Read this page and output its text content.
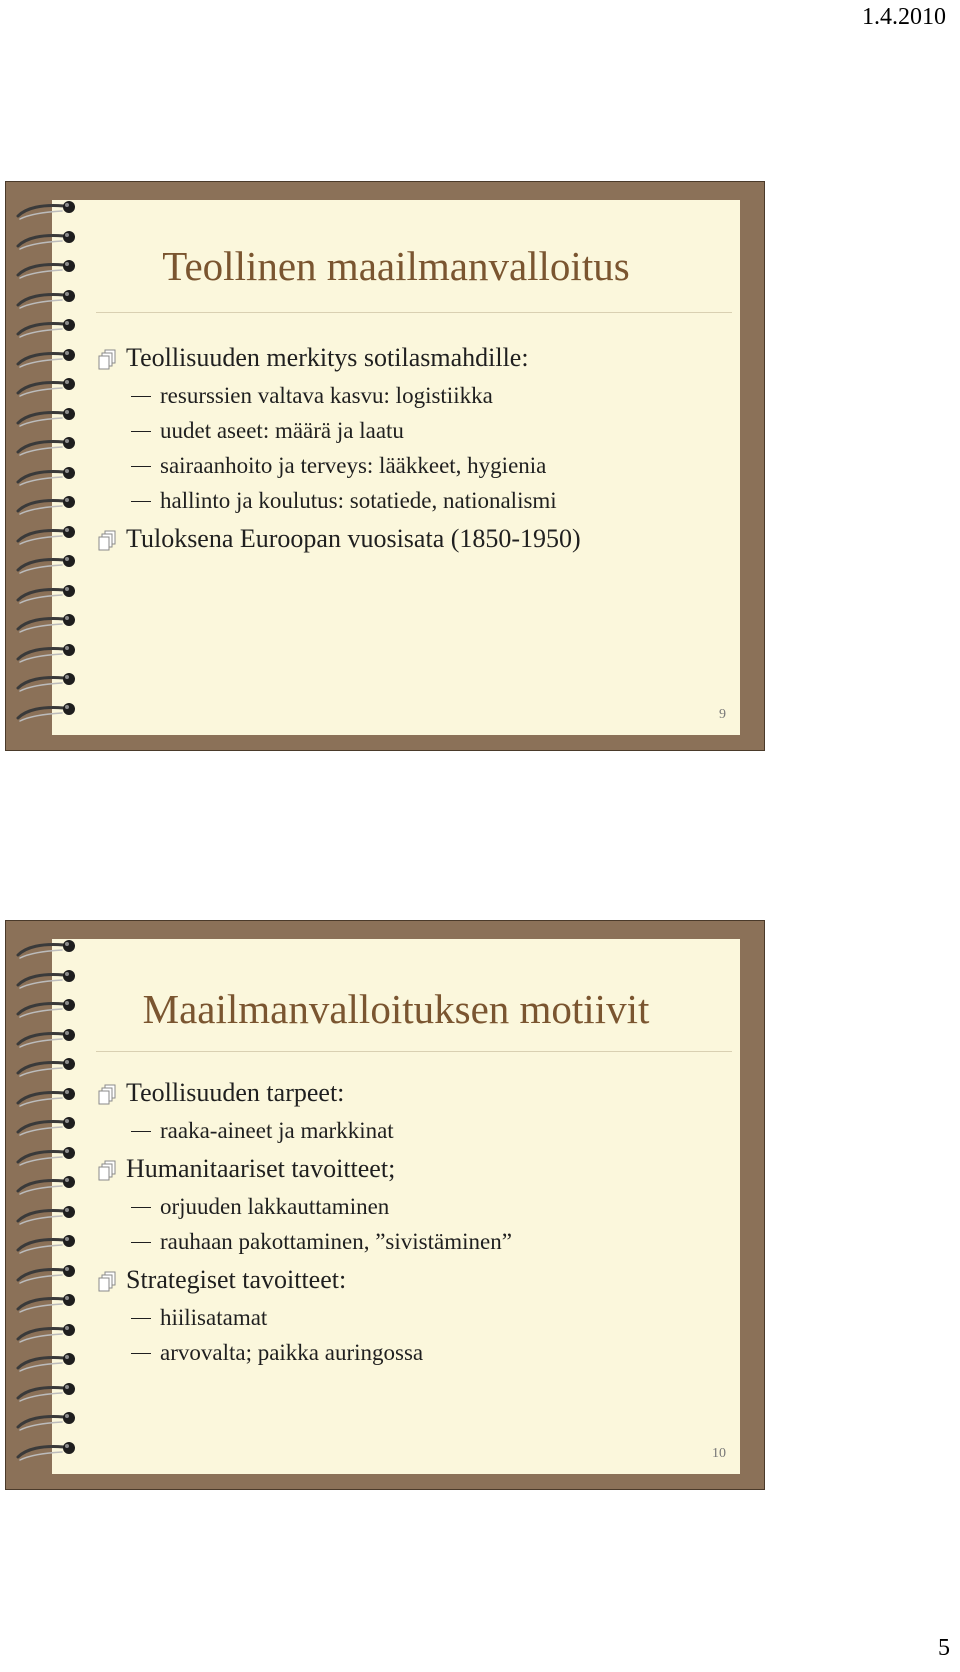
1.4.2010
Teollinen maailmanvalloitus

Teollisuuden merkitys sotilasmahdille:

resurssien valtava kasvu: logistiikka

uudet aseet: määrä ja laatu

sairaanhoito ja terveys: lääkkeet, hygienia

hallinto ja koulutus: sotatiede, nationalismi

Tuloksena Euroopan vuosisata (1850-1950)

9
Maailmanvalloituksen motiivit

Teollisuuden tarpeet:

raaka-aineet ja markkinat

Humanitaariset tavoitteet;

orjuuden lakkauttaminen

rauhaan pakottaminen, ”sivistäminen”

Strategiset tavoitteet:

hiilisatamat

arvovalta; paikka auringossa

10
5
